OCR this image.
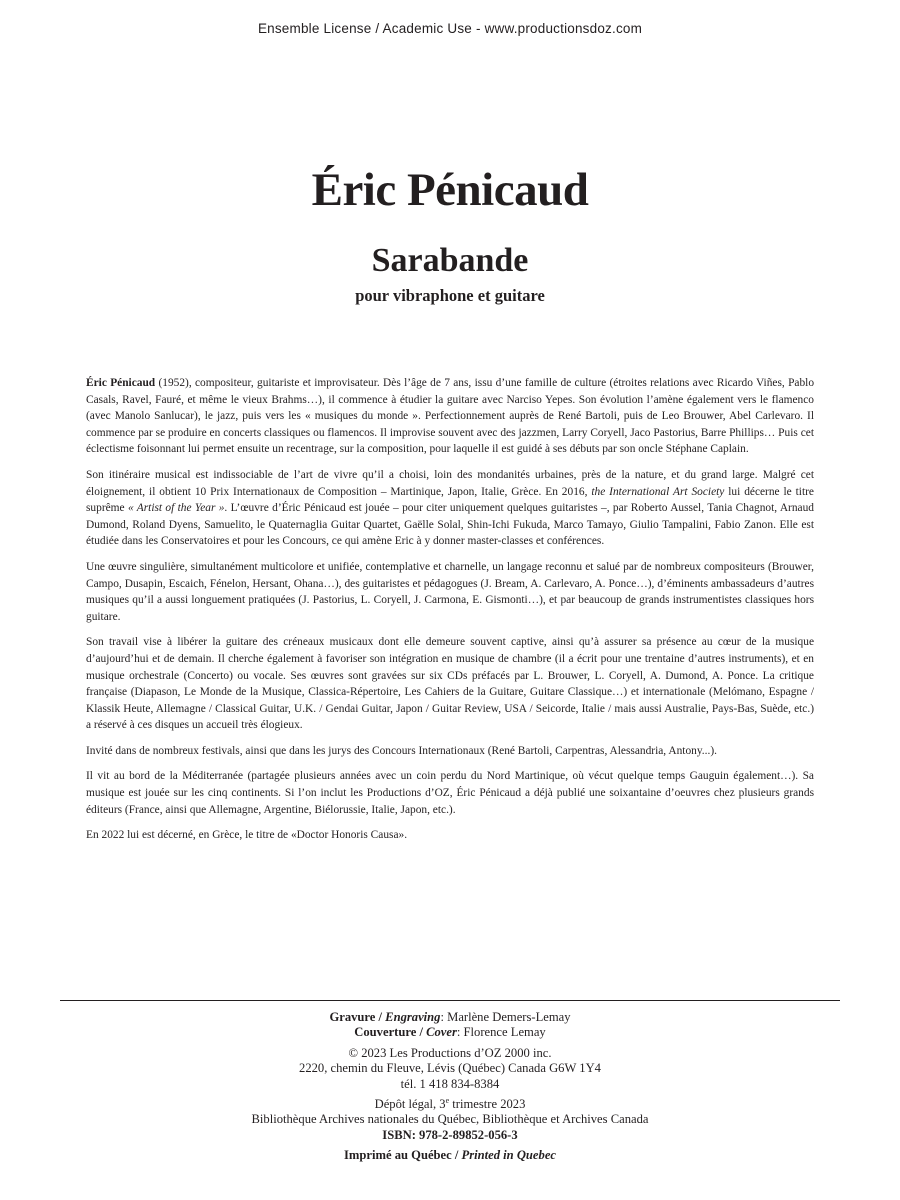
Ensemble License / Academic Use - www.productionsdoz.com
Éric Pénicaud
Sarabande
pour vibraphone et guitare

Éric Pénicaud (1952), compositeur, guitariste et improvisateur. Dès l’âge de 7 ans, issu d’une famille de culture (étroites relations avec Ricardo Viñes, Pablo Casals, Ravel, Fauré, et même le vieux Brahms…), il commence à étudier la guitare avec Narciso Yepes. Son évolution l’amène également vers le flamenco (avec Manolo Sanlucar), le jazz, puis vers les « musiques du monde ». Perfectionnement auprès de René Bartoli, puis de Leo Brouwer, Abel Carlevaro. Il commence par se produire en concerts classiques ou flamencos. Il improvise souvent avec des jazzmen, Larry Coryell, Jaco Pastorius, Barre Phillips… Puis cet éclectisme foisonnant lui permet ensuite un recentrage, sur la composition, pour laquelle il est guidé à ses débuts par son oncle Stéphane Caplain.

Son itinéraire musical est indissociable de l’art de vivre qu’il a choisi, loin des mondanités urbaines, près de la nature, et du grand large. Malgré cet éloignement, il obtient 10 Prix Internationaux de Composition – Martinique, Japon, Italie, Grèce. En 2016, the International Art Society lui décerne le titre suprême « Artist of the Year ». L’œuvre d’Éric Pénicaud est jouée – pour citer uniquement quelques guitaristes –, par Roberto Aussel, Tania Chagnot, Arnaud Dumond, Roland Dyens, Samuelito, le Quaternaglia Guitar Quartet, Gaëlle Solal, Shin-Ichi Fukuda, Marco Tamayo, Giulio Tampalini, Fabio Zanon. Elle est étudiée dans les Conservatoires et pour les Concours, ce qui amène Eric à y donner master-classes et conférences.

Une œuvre singulière, simultanément multicolore et unifiée, contemplative et charnelle, un langage reconnu et salué par de nombreux compositeurs (Brouwer, Campo, Dusapin, Escaich, Fénelon, Hersant, Ohana…), des guitaristes et pédagogues (J. Bream, A. Carlevaro, A. Ponce…), d’éminents ambassadeurs d’autres musiques qu’il a aussi longuement pratiquées (J. Pastorius, L. Coryell, J. Carmona, E. Gismonti…), et par beaucoup de grands instrumentistes classiques hors guitare.

Son travail vise à libérer la guitare des créneaux musicaux dont elle demeure souvent captive, ainsi qu’à assurer sa présence au cœur de la musique d’aujourd’hui et de demain. Il cherche également à favoriser son intégration en musique de chambre (il a écrit pour une trentaine d’autres instruments), et en musique orchestrale (Concerto) ou vocale. Ses œuvres sont gravées sur six CDs préfacés par L. Brouwer, L. Coryell, A. Dumond, A. Ponce. La critique française (Diapason, Le Monde de la Musique, Classica-Répertoire, Les Cahiers de la Guitare, Guitare Classique…) et internationale (Melómano, Espagne / Klassik Heute, Allemagne / Classical Guitar, U.K. / Gendai Guitar, Japon / Guitar Review, USA / Seicorde, Italie / mais aussi Australie, Pays-Bas, Suède, etc.) a réservé à ces disques un accueil très élogieux.

Invité dans de nombreux festivals, ainsi que dans les jurys des Concours Internationaux (René Bartoli, Carpentras, Alessandria, Antony...).

Il vit au bord de la Méditerranée (partagée plusieurs années avec un coin perdu du Nord Martinique, où vécut quelque temps Gauguin également…). Sa musique est jouée sur les cinq continents. Si l’on inclut les Productions d’OZ, Éric Pénicaud a déjà publié une soixantaine d’oeuvres chez plusieurs grands éditeurs (France, ainsi que Allemagne, Argentine, Biélorussie, Italie, Japon, etc.).

En 2022 lui est décerné, en Grèce, le titre de «Doctor Honoris Causa».

Gravure / Engraving: Marlène Demers-Lemay
Couverture / Cover: Florence Lemay
© 2023 Les Productions d’OZ 2000 inc.
2220, chemin du Fleuve, Lévis (Québec) Canada G6W 1Y4
tél. 1 418 834-8384
Dépôt légal, 3e trimestre 2023
Bibliothèque Archives nationales du Québec, Bibliothèque et Archives Canada
ISBN: 978-2-89852-056-3
Imprimé au Québec / Printed in Quebec
